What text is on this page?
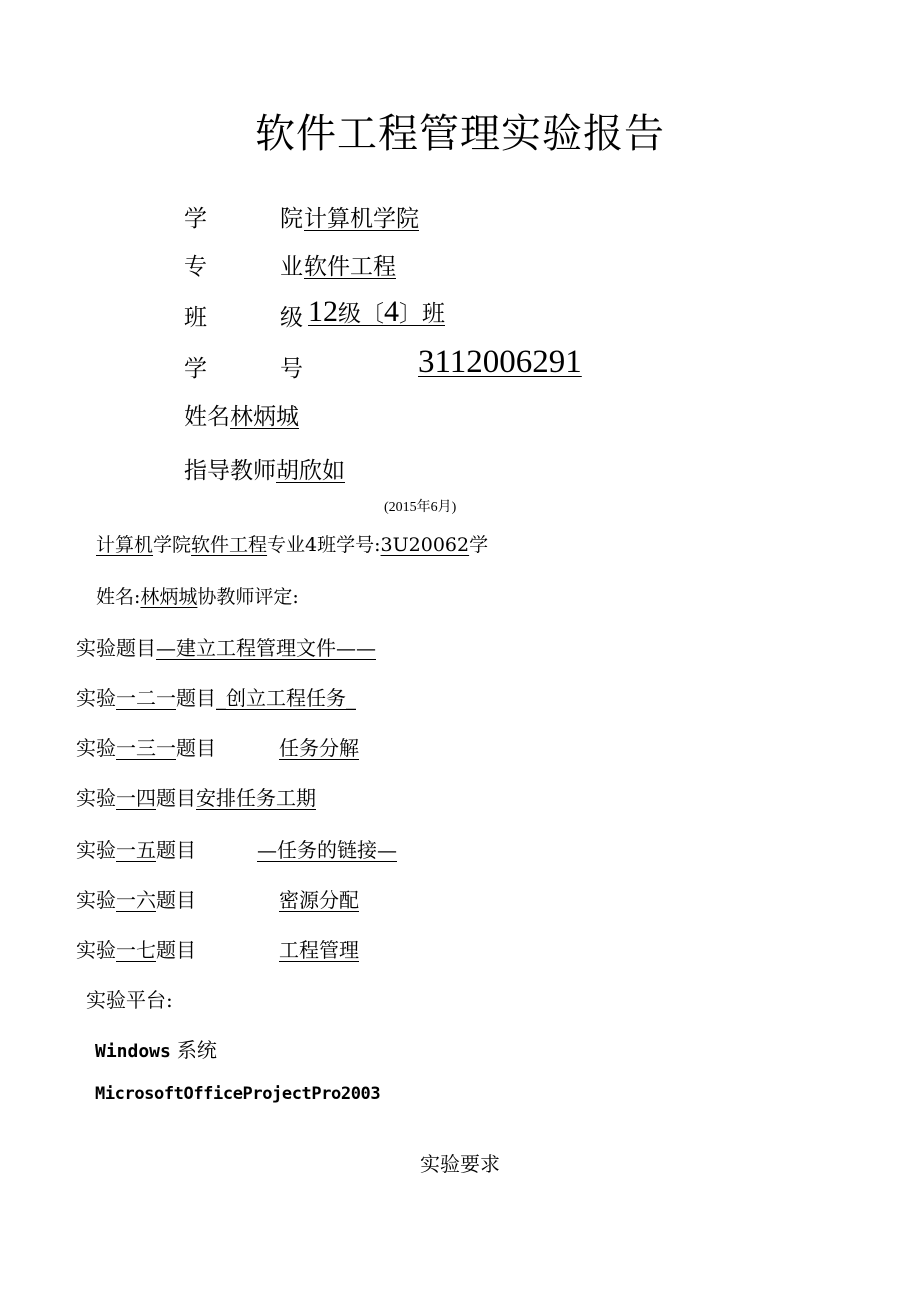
软件工程管理实验报告
学	院 计算机学院
专	业 软件工程
班	级 12级〔4〕班
学	号	3112006291
姓名林炳城
指导教师胡欣如
(2015年6月)
计算机学院软件工程专业4班学号:3U20062学
姓名:林炳城协教师评定:
实验题目—建立工程管理文件——
实验一二一题目_创立工程任务_
实验一三一题目	任务分解
实验一四题目安排任务工期
实验一五题目	—任务的链接—
实验一六题目	密源分配
实验一七题目	工程管理
实验平台:
Windows 系统
MicrosoftOfficeProjectPro2003
实验要求
